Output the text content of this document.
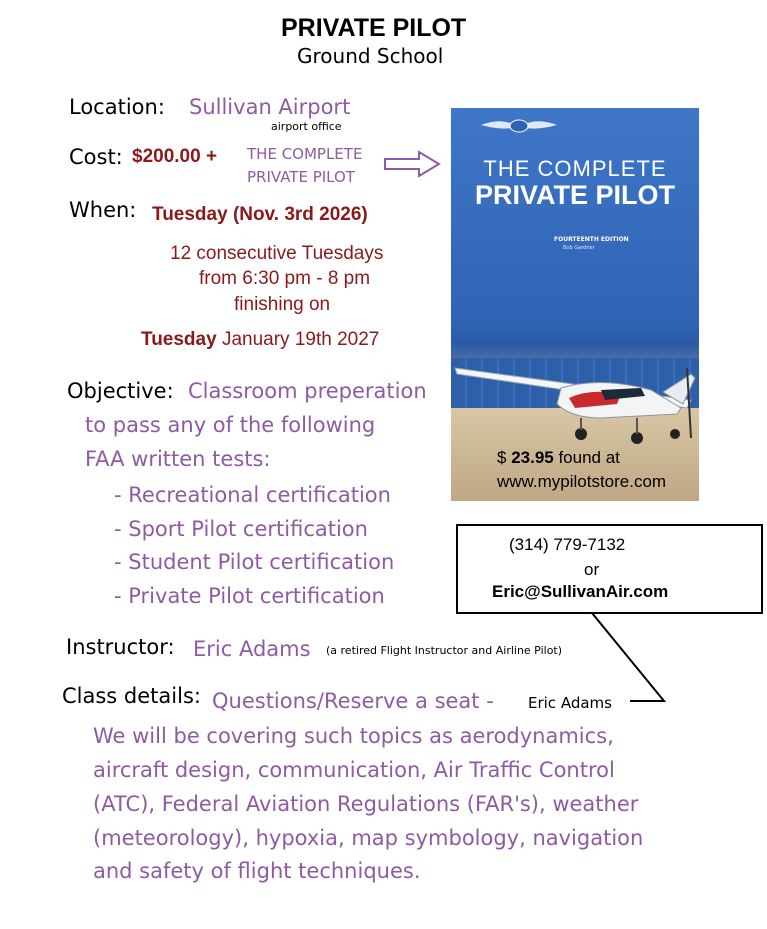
PRIVATE PILOT
Ground School
Location: Sullivan Airport
airport office
Cost: $200.00 + THE COMPLETE
PRIVATE PILOT
When: Tuesday (Nov. 3rd 2026)
12 consecutive Tuesdays
from 6:30 pm - 8 pm
finishing on
Tuesday January 19th 2027
Objective: Classroom preperation
to pass any of the following
FAA written tests:
- Recreational certification
- Sport Pilot certification
- Student Pilot certification
- Private Pilot certification
THE COMPLETE
PRIVATE PILOT
FOURTEENTH EDITION
Bob Gardner
$ 23.95 found at
www.mypilotstore.com
(314) 779-7132
or
Eric@SullivanAir.com
Instructor: Eric Adams (a retired Flight Instructor and Airline Pilot)
Class details: Questions/Reserve a seat - Eric Adams
We will be covering such topics as aerodynamics,
aircraft design, communication, Air Traffic Control
(ATC), Federal Aviation Regulations (FAR's), weather
(meteorology), hypoxia, map symbology, navigation
and safety of flight techniques.
